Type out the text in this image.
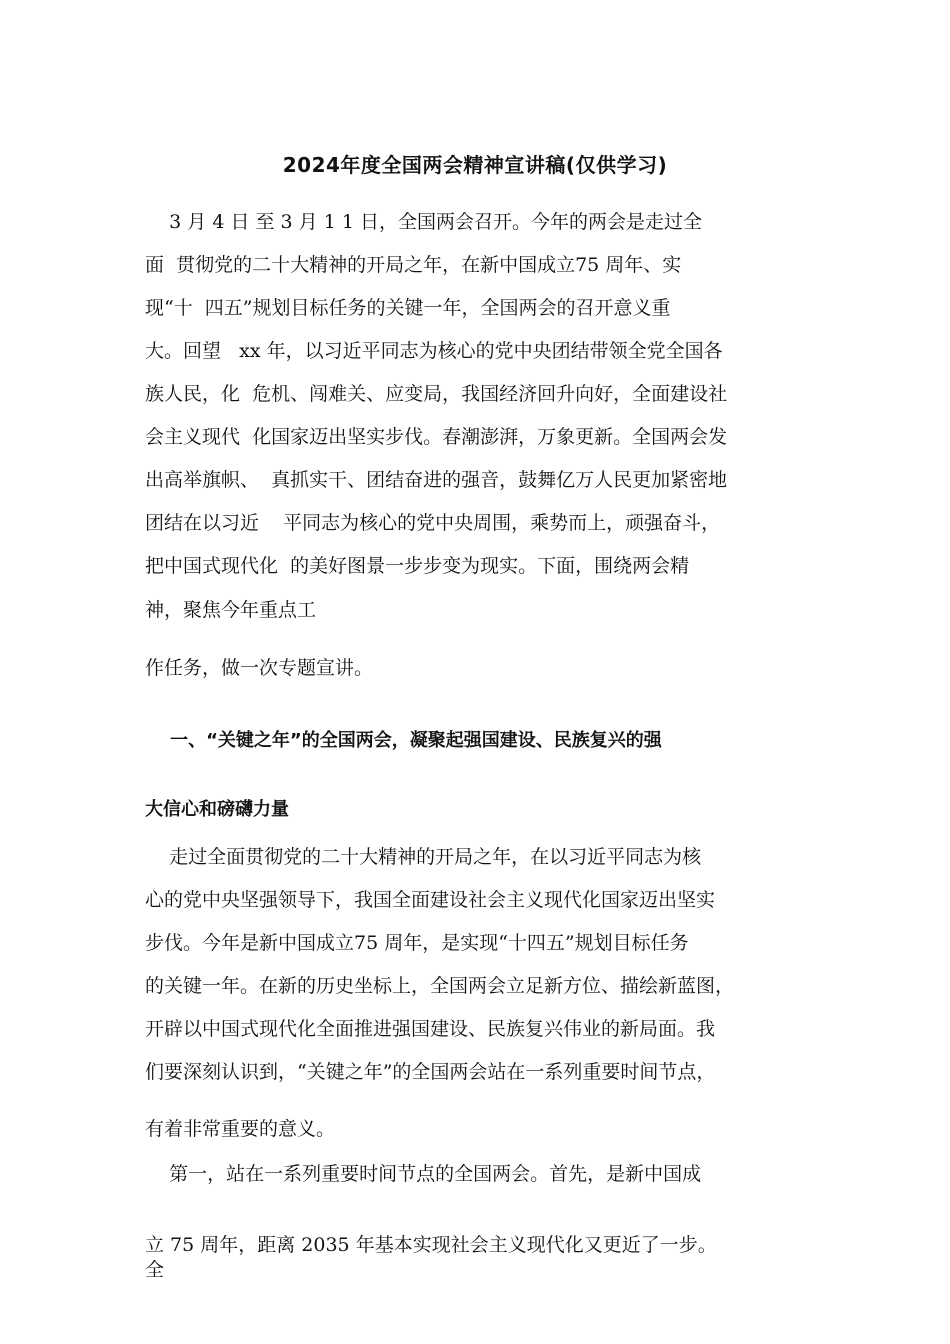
2024年度全国两会精神宣讲稿(仅供学习)
3 月 4 日 至 3 月 1 1 日，全国两会召开。今年的两会是走过全
面  贯彻党的二十大精神的开局之年，在新中国成立75 周年、实
现“十  四五”规划目标任务的关键一年，全国两会的召开意义重
大。回望   xx 年，以习近平同志为核心的党中央团结带领全党全国各
族人民，化  危机、闯难关、应变局，我国经济回升向好，全面建设社
会主义现代  化国家迈出坚实步伐。春潮澎湃，万象更新。全国两会发
出高举旗帜、  真抓实干、团结奋进的强音，鼓舞亿万人民更加紧密地
团结在以习近    平同志为核心的党中央周围，乘势而上，顽强奋斗，
把中国式现代化  的美好图景一步步变为现实。下面，围绕两会精
神，聚焦今年重点工
作任务，做一次专题宣讲。
一、“关键之年”的全国两会，凝聚起强国建设、民族复兴的强
大信心和磅礴力量
走过全面贯彻党的二十大精神的开局之年，在以习近平同志为核
心的党中央坚强领导下，我国全面建设社会主义现代化国家迈出坚实
步伐。今年是新中国成立75 周年，是实现“十四五”规划目标任务
的关键一年。在新的历史坐标上，全国两会立足新方位、描绘新蓝图，
开辟以中国式现代化全面推进强国建设、民族复兴伟业的新局面。我
们要深刻认识到，“关键之年”的全国两会站在一系列重要时间节点，
有着非常重要的意义。
第一，站在一系列重要时间节点的全国两会。首先，是新中国成
立 75 周年，距离 2035 年基本实现社会主义现代化又更近了一步。
全
